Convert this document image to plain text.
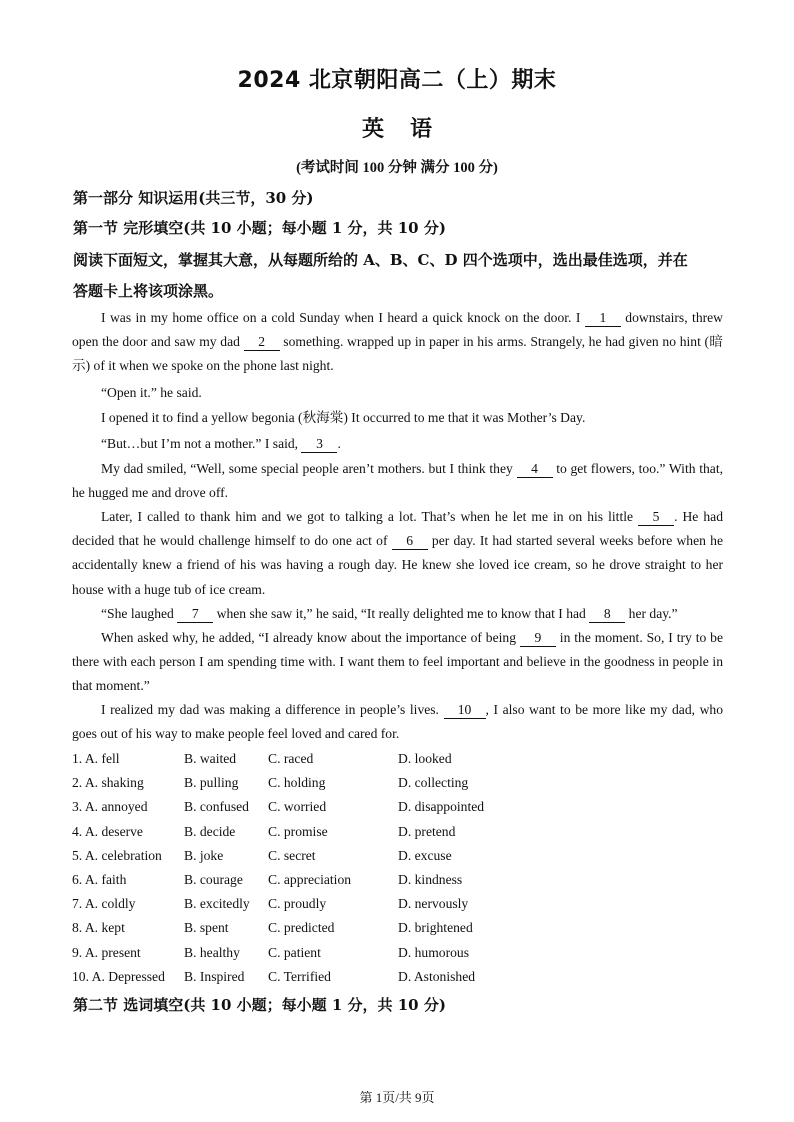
2024 北京朝阳高二（上）期末
英语
(考试时间 100 分钟 满分 100 分)
第一部分 知识运用(共三节，30 分)
第一节 完形填空(共 10 小题；每小题 1 分，共 10 分)
阅读下面短文，掌握其大意，从每题所给的 A、B、C、D 四个选项中，选出最佳选项，并在
答题卡上将该项涂黑。
I was in my home office on a cold Sunday when I heard a quick knock on the door. I 1 downstairs, threw open the door and saw my dad 2 something. wrapped up in paper in his arms. Strangely, he had given no hint (暗示) of it when we spoke on the phone last night.
“Open it.” he said.
I opened it to find a yellow begonia (秋海棠) It occurred to me that it was Mother’s Day.
“But…but I’m not a mother.” I said, 3 .
My dad smiled, “Well, some special people aren’t mothers. but I think they 4 to get flowers, too.” With that, he hugged me and drove off.
Later, I called to thank him and we got to talking a lot. That’s when he let me in on his little 5 . He had decided that he would challenge himself to do one act of 6 per day. It had started several weeks before when he accidentally knew a friend of his was having a rough day. He knew she loved ice cream, so he drove straight to her house with a huge tub of ice cream.
“She laughed 7 when she saw it,” he said, “It really delighted me to know that I had 8 her day.”
When asked why, he added, “I already know about the importance of being 9 in the moment. So, I try to be there with each person I am spending time with. I want them to feel important and believe in the goodness in people in that moment.”
I realized my dad was making a difference in people’s lives. 10 , I also want to be more like my dad, who goes out of his way to make people feel loved and cared for.
1. A. fell	B. waited C. raced	D. looked
2. A. shaking	B. pulling C. holding	D. collecting
3. A. annoyed	B. confused C. worried	D. disappointed
4. A. deserve	B. decide C. promise	D. pretend
5. A. celebration B. joke	C. secret	D. excuse
6. A. faith	B. courage C. appreciation	D. kindness
7. A. coldly	B. excitedly C. proudly	D. nervously
8. A. kept	B. spent	C. predicted	D. brightened
9. A. present	B. healthy C. patient	D. humorous
10. A. Depressed B. Inspired C. Terrified	D. Astonished
第二节 选词填空(共 10 小题；每小题 1 分，共 10 分)
第 1页/共 9页
